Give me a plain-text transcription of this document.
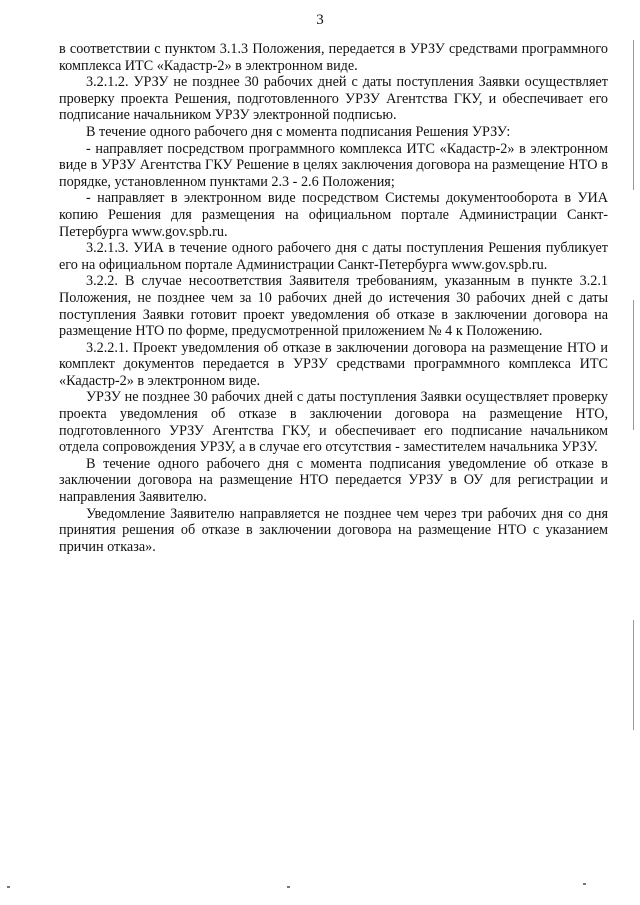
3

в соответствии с пунктом 3.1.3 Положения, передается в УРЗУ средствами программного комплекса ИТС «Кадастр-2» в электронном виде.

3.2.1.2. УРЗУ не позднее 30 рабочих дней с даты поступления Заявки осуществляет проверку проекта Решения, подготовленного УРЗУ Агентства ГКУ, и обеспечивает его подписание начальником УРЗУ электронной подписью.

В течение одного рабочего дня с момента подписания Решения УРЗУ:

- направляет посредством программного комплекса ИТС «Кадастр-2» в электронном виде в УРЗУ Агентства ГКУ Решение в целях заключения договора на размещение НТО в порядке, установленном пунктами 2.3 - 2.6 Положения;

- направляет в электронном виде посредством Системы документооборота в УИА копию Решения для размещения на официальном портале Администрации Санкт-Петербурга www.gov.spb.ru.

3.2.1.3. УИА в течение одного рабочего дня с даты поступления Решения публикует его на официальном портале Администрации Санкт-Петербурга www.gov.spb.ru.

3.2.2. В случае несоответствия Заявителя требованиям, указанным в пункте 3.2.1 Положения, не позднее чем за 10 рабочих дней до истечения 30 рабочих дней с даты поступления Заявки готовит проект уведомления об отказе в заключении договора на размещение НТО по форме, предусмотренной приложением № 4 к Положению.

3.2.2.1. Проект уведомления об отказе в заключении договора на размещение НТО и комплект документов передается в УРЗУ средствами программного комплекса ИТС «Кадастр-2» в электронном виде.

УРЗУ не позднее 30 рабочих дней с даты поступления Заявки осуществляет проверку проекта уведомления об отказе в заключении договора на размещение НТО, подготовленного УРЗУ Агентства ГКУ, и обеспечивает его подписание начальником отдела сопровождения УРЗУ, а в случае его отсутствия - заместителем начальника УРЗУ.

В течение одного рабочего дня с момента подписания уведомление об отказе в заключении договора на размещение НТО передается УРЗУ в ОУ для регистрации и направления Заявителю.

Уведомление Заявителю направляется не позднее чем через три рабочих дня со дня принятия решения об отказе в заключении договора на размещение НТО с указанием причин отказа».
